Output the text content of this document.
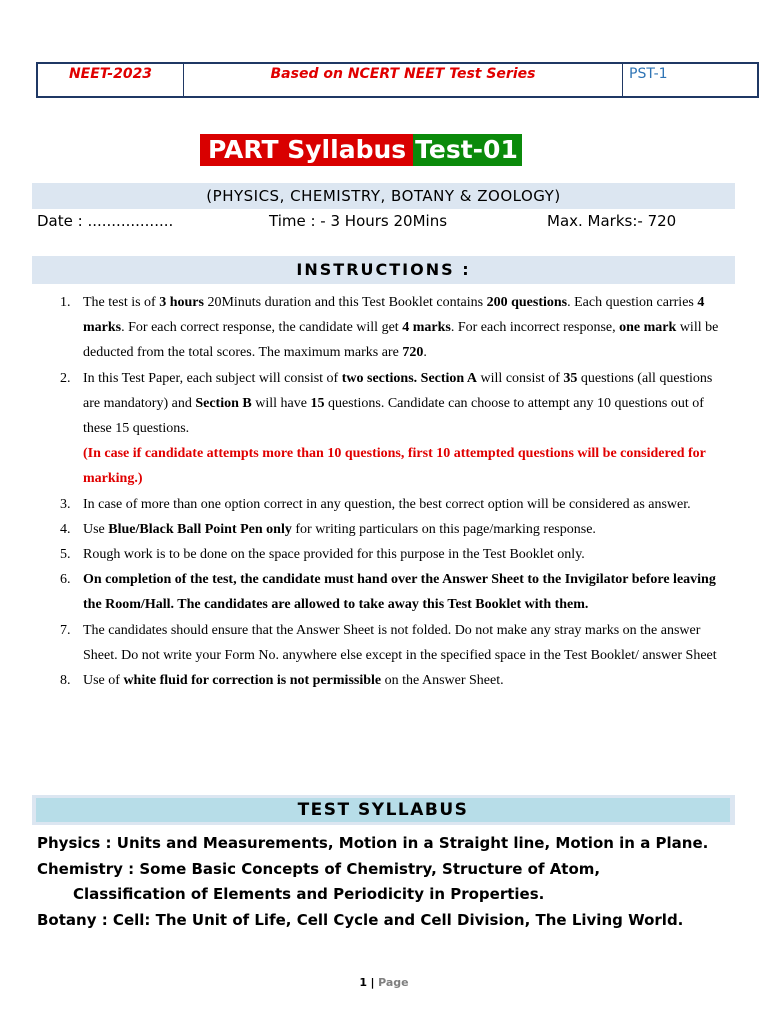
NEET-2023	Based on NCERT NEET Test Series	PST-1
PART Syllabus Test-01
(PHYSICS, CHEMISTRY, BOTANY & ZOOLOGY)
Date : ..................	Time : - 3 Hours 20Mins	Max. Marks:- 720
INSTRUCTIONS :
1. The test is of 3 hours 20Minuts duration and this Test Booklet contains 200 questions. Each question carries 4 marks. For each correct response, the candidate will get 4 marks. For each incorrect response, one mark will be deducted from the total scores. The maximum marks are 720.
2. In this Test Paper, each subject will consist of two sections. Section A will consist of 35 questions (all questions are mandatory) and Section B will have 15 questions. Candidate can choose to attempt any 10 questions out of these 15 questions.
(In case if candidate attempts more than 10 questions, first 10 attempted questions will be considered for marking.)
3. In case of more than one option correct in any question, the best correct option will be considered as answer.
4. Use Blue/Black Ball Point Pen only for writing particulars on this page/marking response.
5. Rough work is to be done on the space provided for this purpose in the Test Booklet only.
6. On completion of the test, the candidate must hand over the Answer Sheet to the Invigilator before leaving the Room/Hall. The candidates are allowed to take away this Test Booklet with them.
7. The candidates should ensure that the Answer Sheet is not folded. Do not make any stray marks on the answer Sheet. Do not write your Form No. anywhere else except in the specified space in the Test Booklet/ answer Sheet
8. Use of white fluid for correction is not permissible on the Answer Sheet.
TEST SYLLABUS
Physics : Units and Measurements, Motion in a Straight line, Motion in a Plane.
Chemistry : Some Basic Concepts of Chemistry, Structure of Atom,
Classification of Elements and Periodicity in Properties.
Botany : Cell: The Unit of Life, Cell Cycle and Cell Division, The Living World.
1 | Page
